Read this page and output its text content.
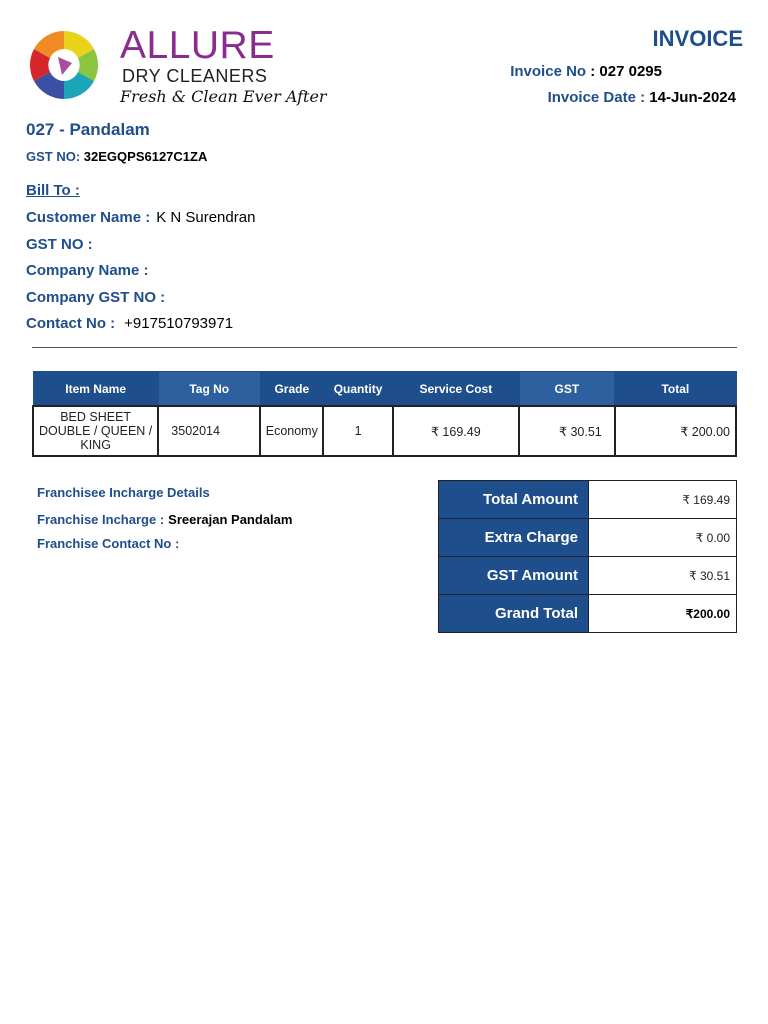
ALLURE
DRY CLEANERS
Fresh & Clean Ever After
INVOICE
Invoice No : 027 0295
Invoice Date : 14-Jun-2024
027 - Pandalam
GST NO: 32EGQPS6127C1ZA
Bill To :
Customer Name : K N Surendran
GST NO :
Company Name :
Company GST NO :
Contact No : +917510793971
Item Name	Tag No	Grade	Quantity	Service Cost	GST	Total
BED SHEET DOUBLE / QUEEN / KING	3502014	Economy	1	₹ 169.49	₹ 30.51	₹ 200.00
Franchisee Incharge Details
Franchise Incharge : Sreerajan Pandalam
Franchise Contact No :
Total Amount	₹ 169.49
Extra Charge	₹ 0.00
GST Amount	₹ 30.51
Grand Total	₹200.00
